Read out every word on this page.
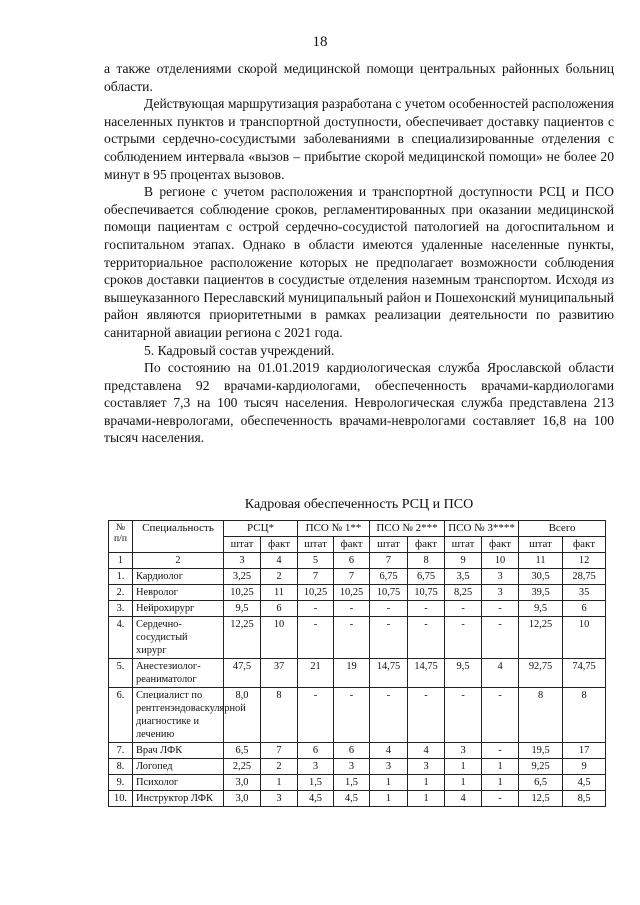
18

а также отделениями скорой медицинской помощи центральных районных больниц области.

Действующая маршрутизация разработана с учетом особенностей расположения населенных пунктов и транспортной доступности, обеспечивает доставку пациентов с острыми сердечно-сосудистыми заболеваниями в специализированные отделения с соблюдением интервала «вызов – прибытие скорой медицинской помощи» не более 20 минут в 95 процентах вызовов.

В регионе с учетом расположения и транспортной доступности РСЦ и ПСО обеспечивается соблюдение сроков, регламентированных при оказании медицинской помощи пациентам с острой сердечно-сосудистой патологией на догоспитальном и госпитальном этапах. Однако в области имеются удаленные населенные пункты, территориальное расположение которых не предполагает возможности соблюдения сроков доставки пациентов в сосудистые отделения наземным транспортом. Исходя из вышеуказанного Переславский муниципальный район и Пошехонский муниципальный район являются приоритетными в рамках реализации деятельности по развитию санитарной авиации региона с 2021 года.

5. Кадровый состав учреждений.

По состоянию на 01.01.2019 кардиологическая служба Ярославской области представлена 92 врачами-кардиологами, обеспеченность врачами-кардиологами составляет 7,3 на 100 тысяч населения. Неврологическая служба представлена 213 врачами-неврологами, обеспеченность врачами-неврологами составляет 16,8 на 100 тысяч населения.

Кадровая обеспеченность РСЦ и ПСО
№ п/п	Специальность	РСЦ*		ПСО № 1**		ПСО № 2***		ПСО № 3****		Всего	
		штат	факт	штат	факт	штат	факт	штат	факт	штат	факт
1	2	3	4	5	6	7	8	9	10	11	12
1.	Кардиолог	3,25	2	7	7	6,75	6,75	3,5	3	30,5	28,75
2.	Невролог	10,25	11	10,25	10,25	10,75	10,75	8,25	3	39,5	35
3.	Нейрохирург	9,5	6	-	-	-	-	-	-	9,5	6
4.	Сердечно-сосудистый хирург	12,25	10	-	-	-	-	-	-	12,25	10
5.	Анестезиолог-реаниматолог	47,5	37	21	19	14,75	14,75	9,5	4	92,75	74,75
6.	Специалист по рентгенэндоваскулярной диагностике и лечению	8,0	8	-	-	-	-	-	-	8	8
7.	Врач ЛФК	6,5	7	6	6	4	4	3	-	19,5	17
8.	Логопед	2,25	2	3	3	3	3	1	1	9,25	9
9.	Психолог	3,0	1	1,5	1,5	1	1	1	1	6,5	4,5
10.	Инструктор ЛФК	3,0	3	4,5	4,5	1	1	4	-	12,5	8,5
